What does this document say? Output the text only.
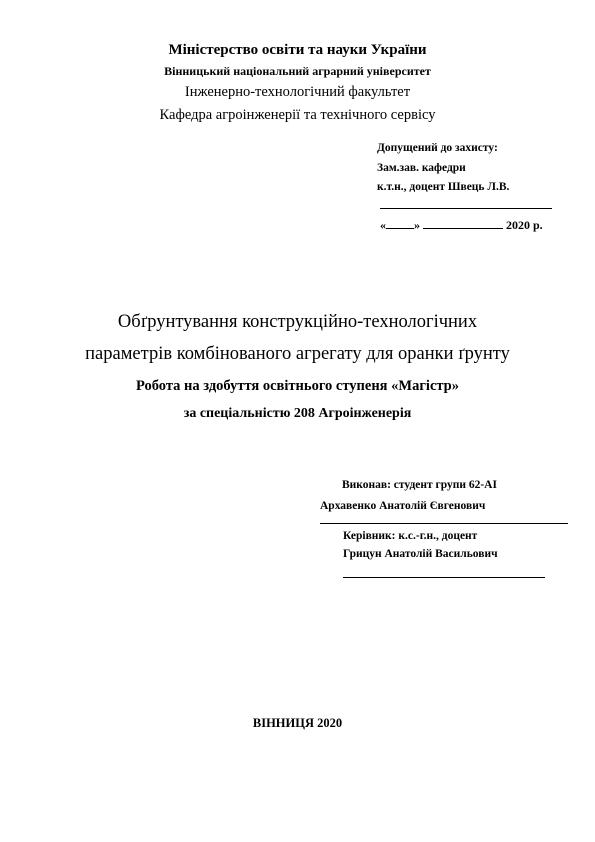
Міністерство освіти та науки України
Вінницький національний аграрний університет
Інженерно-технологічний факультет
Кафедра агроінженерії та технічного сервісу
Допущений до захисту:
Зам.зав. кафедри
к.т.н., доцент Швець Л.В.
« »	2020 р.
Обґрунтування конструкційно-технологічних
параметрів комбінованого агрегату для оранки ґрунту
Робота на здобуття освітнього ступеня «Магістр»
за спеціальністю 208 Агроінженерія
Виконав: студент групи 62-АІ
Архавенко Анатолій Євгенович
Керівник: к.с.-г.н., доцент
Грицун Анатолій Васильович
ВІННИЦЯ 2020
